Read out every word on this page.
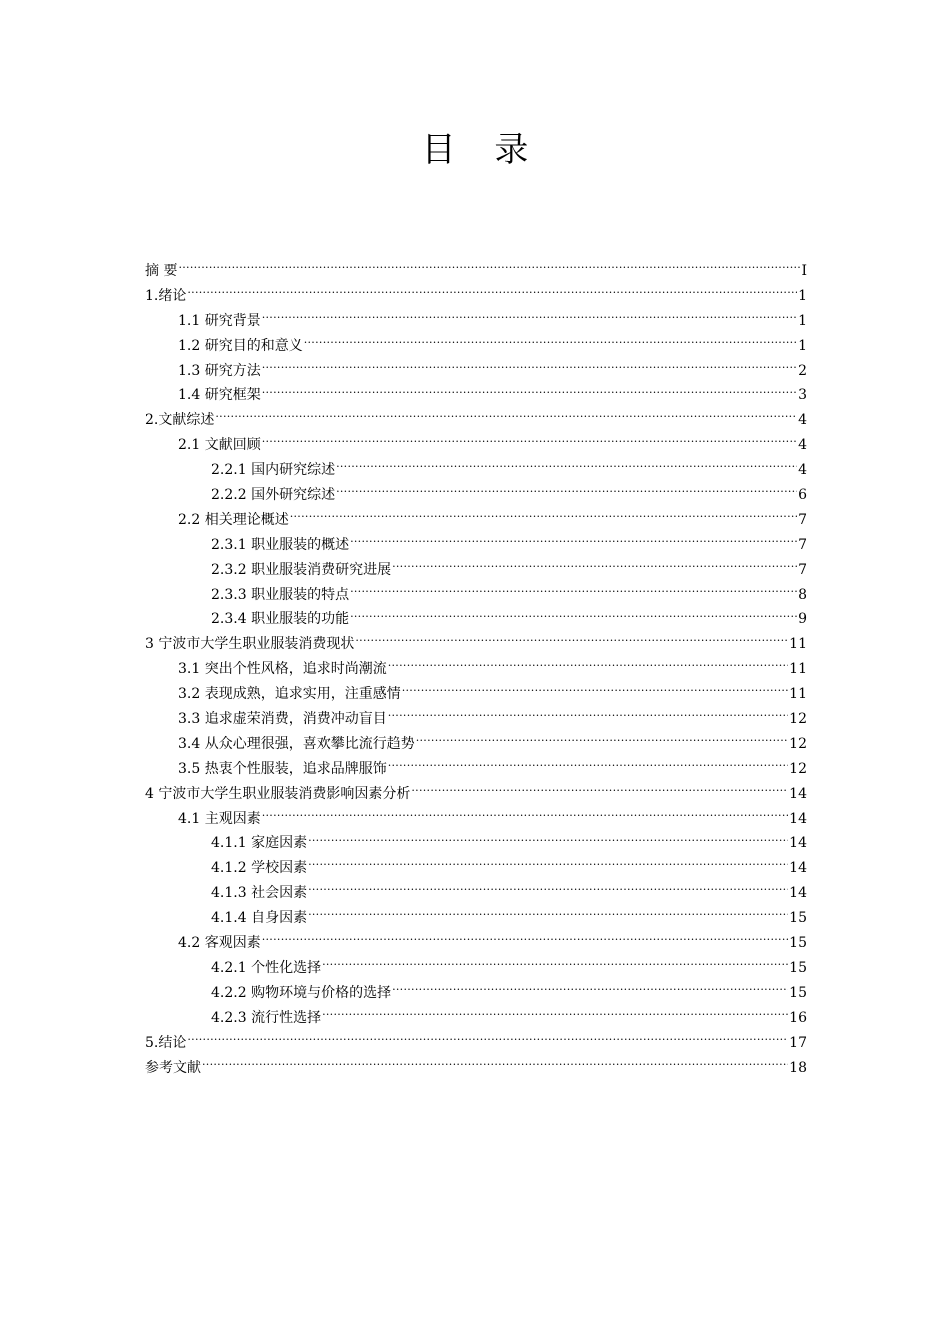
目 录
摘 要 .....	I
1.绪论 .....	1
1.1 研究背景 .....	1
1.2 研究目的和意义 .....	1
1.3 研究方法 .....	2
1.4 研究框架 .....	3
2.文献综述 .....	4
2.1 文献回顾 .....	4
2.2.1 国内研究综述 .....	4
2.2.2 国外研究综述 .....	6
2.2 相关理论概述 .....	7
2.3.1 职业服装的概述 .....	7
2.3.2 职业服装消费研究进展 .....	7
2.3.3 职业服装的特点 .....	8
2.3.4 职业服装的功能 .....	9
3 宁波市大学生职业服装消费现状 .....	11
3.1 突出个性风格，追求时尚潮流 .....	11
3.2 表现成熟，追求实用，注重感情 .....	11
3.3 追求虚荣消费，消费冲动盲目 .....	12
3.4 从众心理很强，喜欢攀比流行趋势 .....	12
3.5 热衷个性服装，追求品牌服饰 .....	12
4 宁波市大学生职业服装消费影响因素分析 .....	14
4.1 主观因素 .....	14
4.1.1 家庭因素 .....	14
4.1.2 学校因素 .....	14
4.1.3 社会因素 .....	14
4.1.4 自身因素 .....	15
4.2 客观因素 .....	15
4.2.1 个性化选择 .....	15
4.2.2 购物环境与价格的选择 .....	15
4.2.3 流行性选择 .....	16
5.结论 .....	17
参考文献 .....	18
